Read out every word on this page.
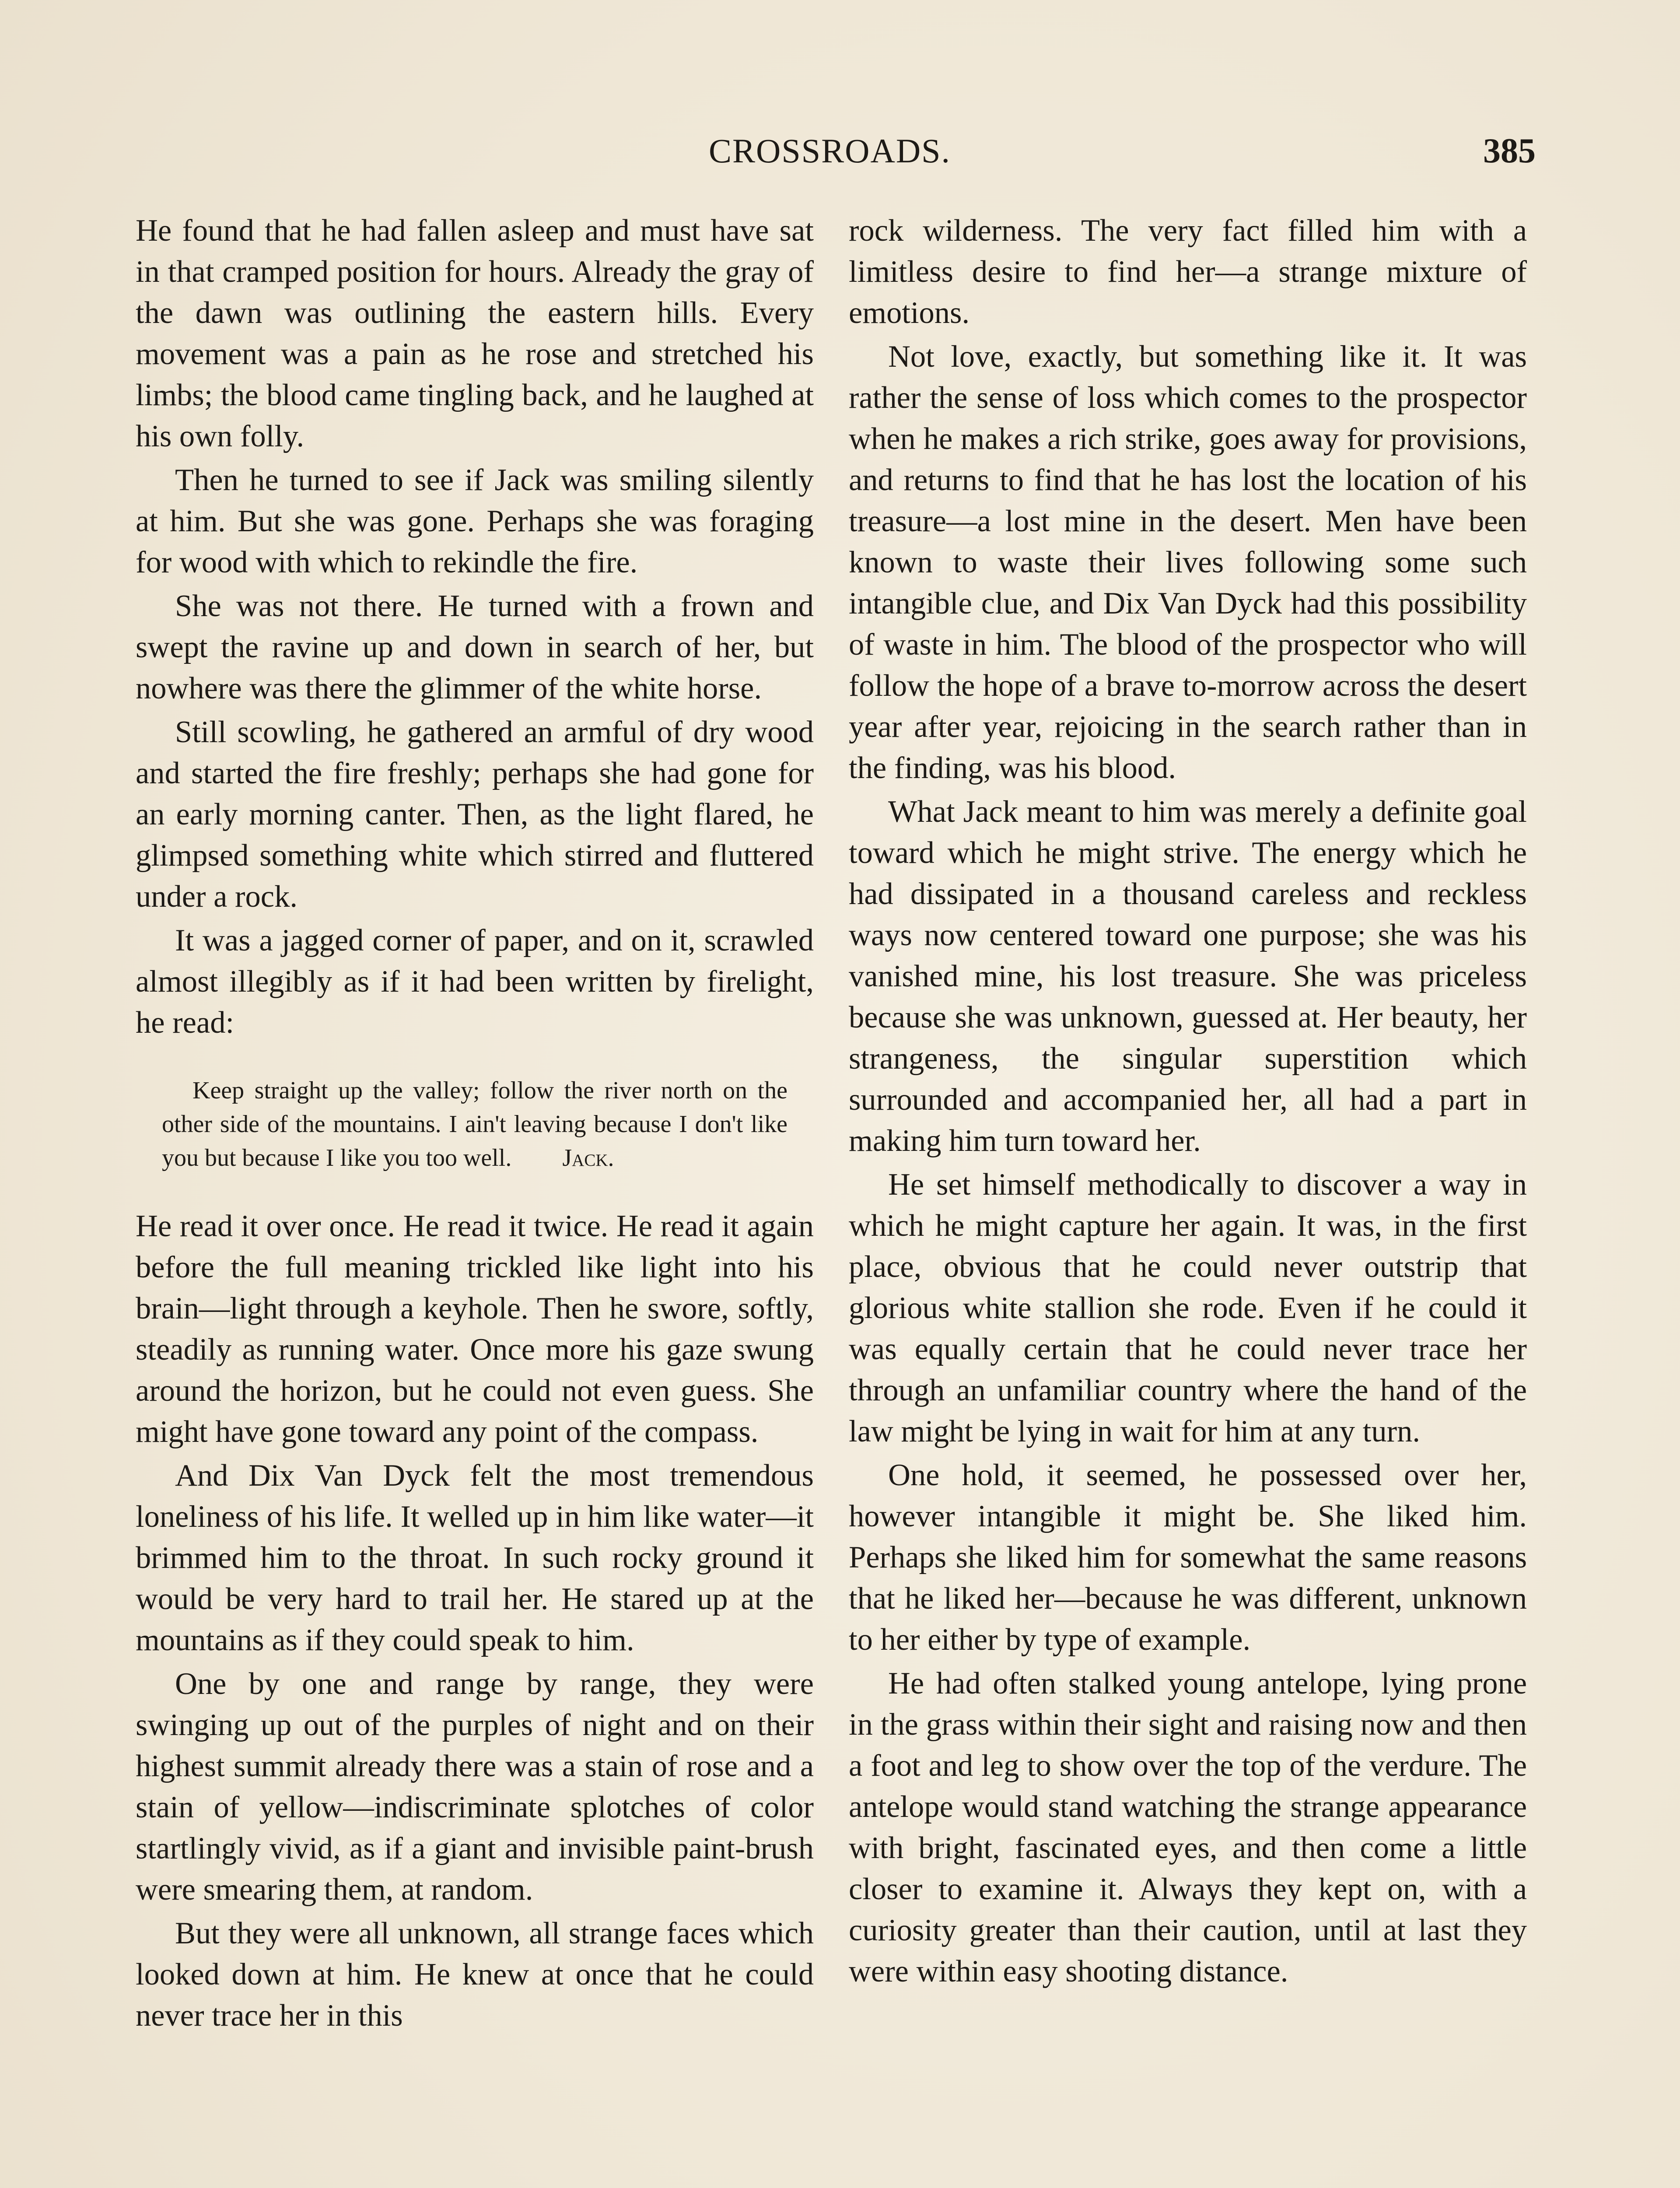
CROSSROADS.	385

He found that he had fallen asleep and must have sat in that cramped position for hours. Already the gray of the dawn was outlining the eastern hills. Every movement was a pain as he rose and stretched his limbs; the blood came tingling back, and he laughed at his own folly.

Then he turned to see if Jack was smiling silently at him. But she was gone. Perhaps she was foraging for wood with which to rekindle the fire.

She was not there. He turned with a frown and swept the ravine up and down in search of her, but nowhere was there the glimmer of the white horse.

Still scowling, he gathered an armful of dry wood and started the fire freshly; perhaps she had gone for an early morning canter. Then, as the light flared, he glimpsed something white which stirred and fluttered under a rock.

It was a jagged corner of paper, and on it, scrawled almost illegibly as if it had been written by firelight, he read:

Keep straight up the valley; follow the river north on the other side of the mountains. I ain't leaving because I don't like you but because I like you too well. Jack.

He read it over once. He read it twice. He read it again before the full meaning trickled like light into his brain—light through a keyhole. Then he swore, softly, steadily as running water. Once more his gaze swung around the horizon, but he could not even guess. She might have gone toward any point of the compass.

And Dix Van Dyck felt the most tremendous loneliness of his life. It welled up in him like water—it brimmed him to the throat. In such rocky ground it would be very hard to trail her. He stared up at the mountains as if they could speak to him.

One by one and range by range, they were swinging up out of the purples of night and on their highest summit already there was a stain of rose and a stain of yellow—indiscriminate splotches of color startlingly vivid, as if a giant and invisible paint-brush were smearing them, at random.

But they were all unknown, all strange faces which looked down at him. He knew at once that he could never trace her in this

rock wilderness. The very fact filled him with a limitless desire to find her—a strange mixture of emotions.

Not love, exactly, but something like it. It was rather the sense of loss which comes to the prospector when he makes a rich strike, goes away for provisions, and returns to find that he has lost the location of his treasure—a lost mine in the desert. Men have been known to waste their lives following some such intangible clue, and Dix Van Dyck had this possibility of waste in him. The blood of the prospector who will follow the hope of a brave to-morrow across the desert year after year, rejoicing in the search rather than in the finding, was his blood.

What Jack meant to him was merely a definite goal toward which he might strive. The energy which he had dissipated in a thousand careless and reckless ways now centered toward one purpose; she was his vanished mine, his lost treasure. She was priceless because she was unknown, guessed at. Her beauty, her strangeness, the singular superstition which surrounded and accompanied her, all had a part in making him turn toward her.

He set himself methodically to discover a way in which he might capture her again. It was, in the first place, obvious that he could never outstrip that glorious white stallion she rode. Even if he could it was equally certain that he could never trace her through an unfamiliar country where the hand of the law might be lying in wait for him at any turn.

One hold, it seemed, he possessed over her, however intangible it might be. She liked him. Perhaps she liked him for somewhat the same reasons that he liked her—because he was different, unknown to her either by type of example.

He had often stalked young antelope, lying prone in the grass within their sight and raising now and then a foot and leg to show over the top of the verdure. The antelope would stand watching the strange appearance with bright, fascinated eyes, and then come a little closer to examine it. Always they kept on, with a curiosity greater than their caution, until at last they were within easy shooting distance.
